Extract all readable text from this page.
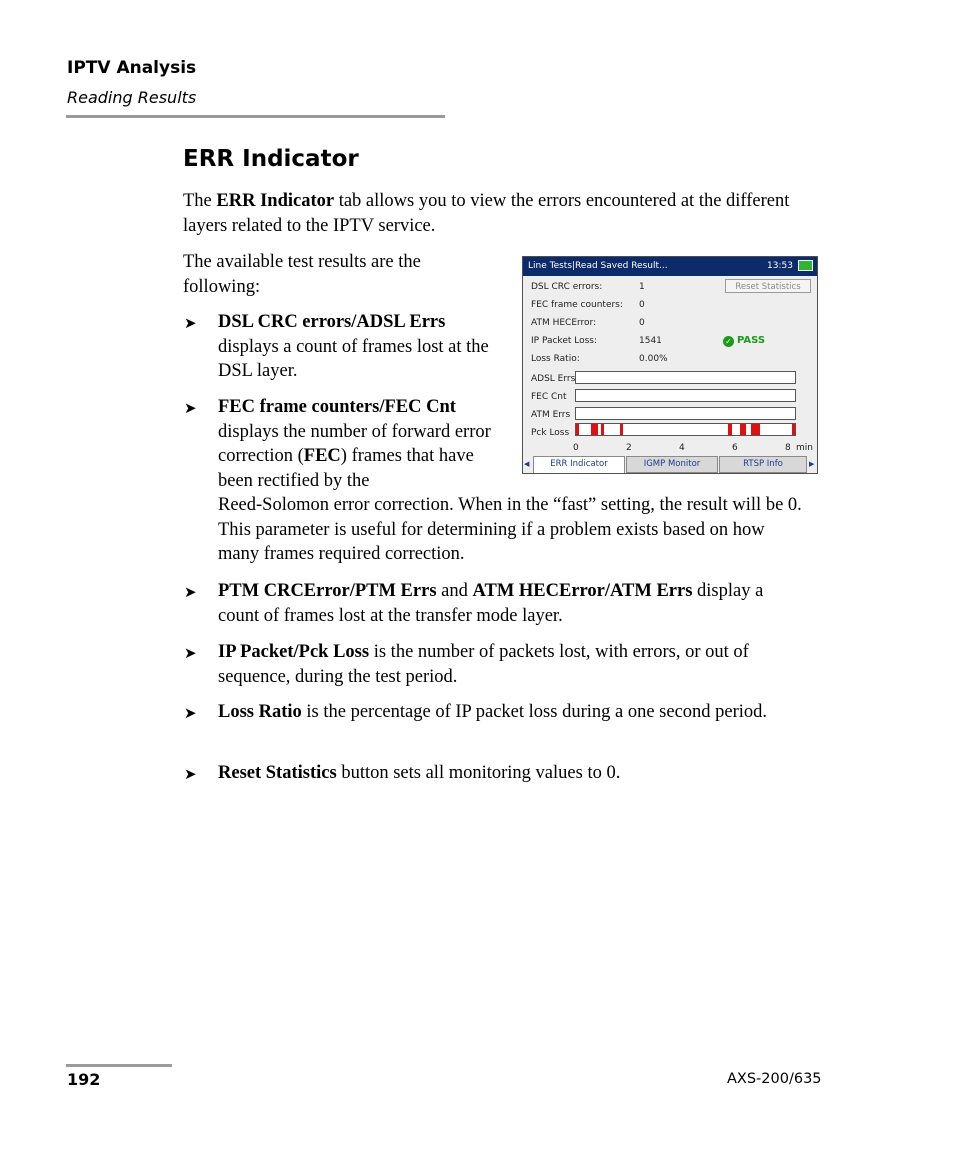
IPTV Analysis
Reading Results
ERR Indicator
The ERR Indicator tab allows you to view the errors encountered at the different layers related to the IPTV service.
The available test results are the following:
➤ DSL CRC errors/ADSL Errs
displays a count of frames lost at the DSL layer.
➤ FEC frame counters/FEC Cnt
displays the number of forward error correction (FEC) frames that have been rectified by the
Reed-Solomon error correction. When in the “fast” setting, the result will be 0. This parameter is useful for determining if a problem exists based on how many frames required correction.
➤ PTM CRCError/PTM Errs and ATM HECError/ATM Errs display a count of frames lost at the transfer mode layer.
➤ IP Packet/Pck Loss is the number of packets lost, with errors, or out of sequence, during the test period.
➤ Loss Ratio is the percentage of IP packet loss during a one second period.
➤ Reset Statistics button sets all monitoring values to 0.
Line Tests|Read Saved Result...	13:53
DSL CRC errors:	1
FEC frame counters: 0
ATM HECError:	0
IP Packet Loss:	1541
Loss Ratio:	0.00%
Reset Statistics
✓ PASS
ADSL Errs
FEC Cnt
ATM Errs
Pck Loss
0	2	4	6	8 min
◀	ERR Indicator	IGMP Monitor	RTSP Info	▶
192	AXS-200/635
